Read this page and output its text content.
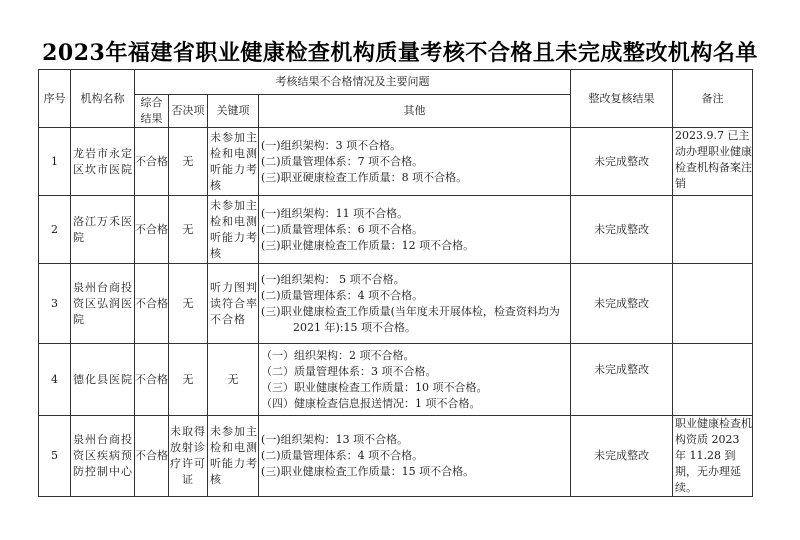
2023年福建省职业健康检查机构质量考核不合格且未完成整改机构名单
序号	机构名称	考核结果不合格情况及主要问题				整改复核结果	备注
		综合结果	否决项	关键项	其他		
1	龙岩市永定区坎市医院	不合格	无	未参加主检和电测听能力考核	(一)组织架构：3 项不合格。
(二)质量管理体系：7 项不合格。
(三)职亚硬康检查工作质量：8 项不合格。	未完成整改	2023.9.7 已主动办理职业健康检查机构备案注销
2	洛江万禾医院	不合格	无	未参加主检和电测听能力考核	(一)组织架构：11 项不合格。
(二)质量管理体系：6 项不合格。
(三)职业健康检查工作质量：12 项不合格。	未完成整改	
3	泉州台商投资区弘润医院	不合格	无	听力图判读符合率不合格	(一)组织架构： 5 项不合格。
(二)质量管理体系：4 项不合格。
(三)职业健康检查工作质量(当年度未开展体检，检查资料均为
2021 年):15 项不合格。	未完成整改	
4	德化县医院	不合格	无	无	（一）组织架构：2 项不合格。
（二）质量管理体系：3 项不合格。
（三）职业健康检查工作质量：10 项不合格。
（四）健康检查信息报送情况：1 项不合格。	未完成整改	
5	泉州台商投资区疾病预防控制中心	不合格	未取得放射诊疗许可证	未参加主检和电测听能力考核	(一)组织架构：13 项不合格。
(二)质量管理体系：4 项不合格。
(三)职业健康检查工作质量：15 项不合格。	未完成整改	职业健康检查机构资质 2023 年 11.28 到期，无办理延续。
